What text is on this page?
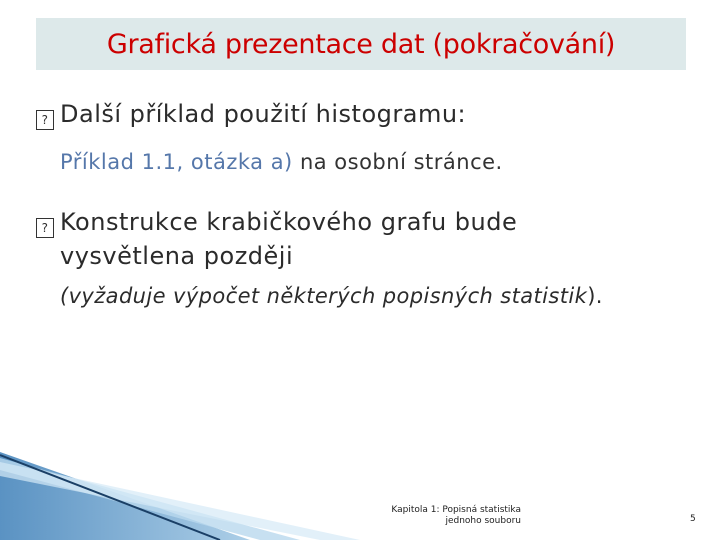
Grafická prezentace dat (pokračování)
? Další příklad použití histogramu:
Příklad 1.1, otázka a) na osobní stránce.
? Konstrukce krabičkového grafu bude
vysvětlena později
(vyžaduje výpočet některých popisných statistik).
Kapitola 1: Popisná statistika
jednoho souboru	5
